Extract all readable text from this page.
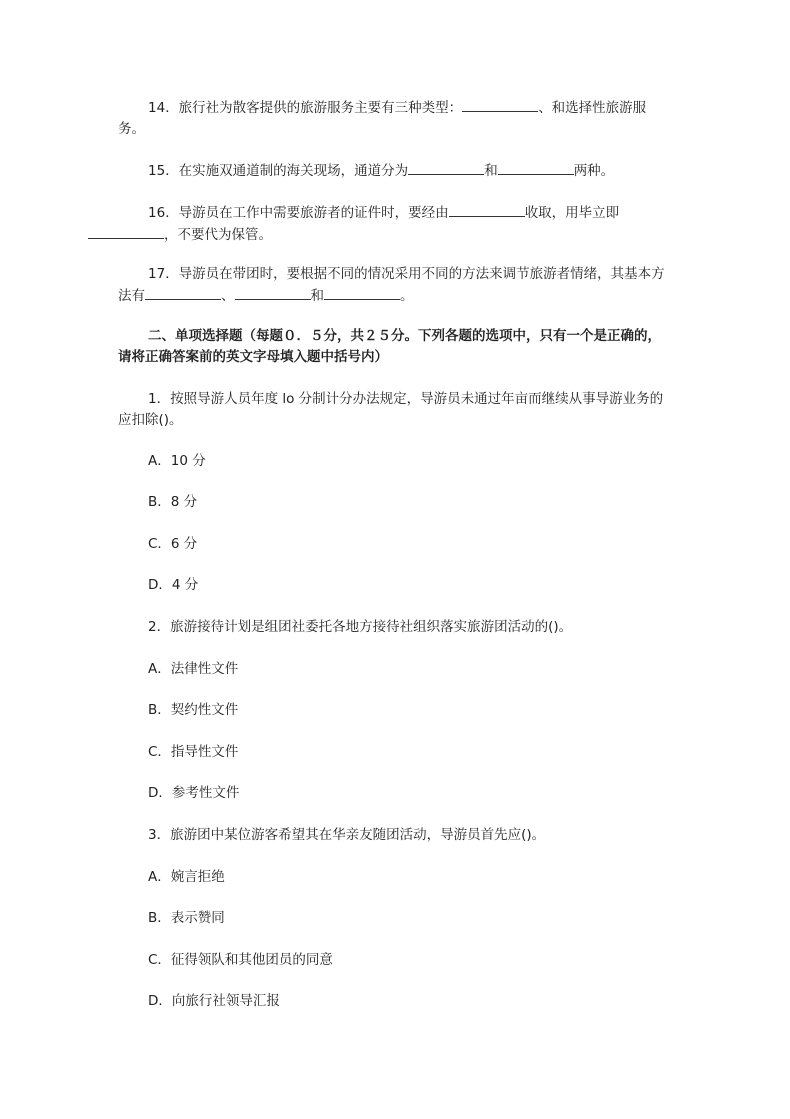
14．旅行社为散客提供的旅游服务主要有三种类型：	、和选择性旅游服务。

15．在实施双通道制的海关现场，通道分为	和	两种。

16．导游员在工作中需要旅游者的证件时，要经由	收取，用毕立即
，不要代为保管。

17．导游员在带团时，要根据不同的情况采用不同的方法来调节旅游者情绪，其基本方法有	、	和	。

二、单项选择题（每题０．５分，共２５分。下列各题的选项中，只有一个是正确的，请将正确答案前的英文字母填入题中括号内）

1．按照导游人员年度 lo 分制计分办法规定，导游员未通过年亩而继续从事导游业务的应扣除()。

A．10 分

B．8 分

C．6 分

D．4 分

2．旅游接待计划是组团社委托各地方接待社组织落实旅游团活动的()。

A．法律性文件

B．契约性文件

C．指导性文件

D．参考性文件

3．旅游团中某位游客希望其在华亲友随团活动，导游员首先应()。

A．婉言拒绝

B．表示赞同

C．征得领队和其他团员的同意

D．向旅行社领导汇报
